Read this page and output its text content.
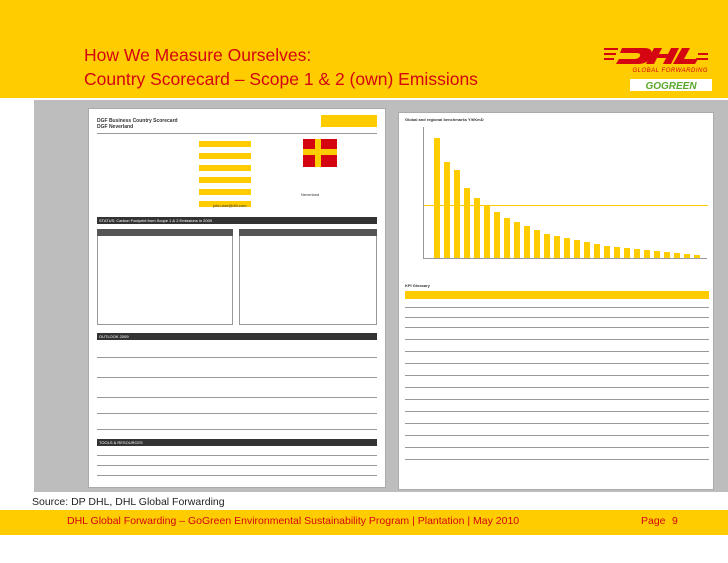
How We Measure Ourselves:
Country Scorecard – Scope 1 & 2 (own) Emissions	GLOBAL FORWARDING
GOGREEN
DGF Business Country Scorecard
DGF Neverland
Neverland
john.doe@dhl.com
STATUS: Carbon Footprint from Scope 1 & 2 Emissions in 2009
OUTLOOK 2009
TOOLS & RESOURCES
Global and regional benchmarks Y/t/KmD
KPI Glossary
Source: DP DHL, DHL Global Forwarding
DHL Global Forwarding – GoGreen Environmental Sustainability Program | Plantation | May 2010	Page 9
